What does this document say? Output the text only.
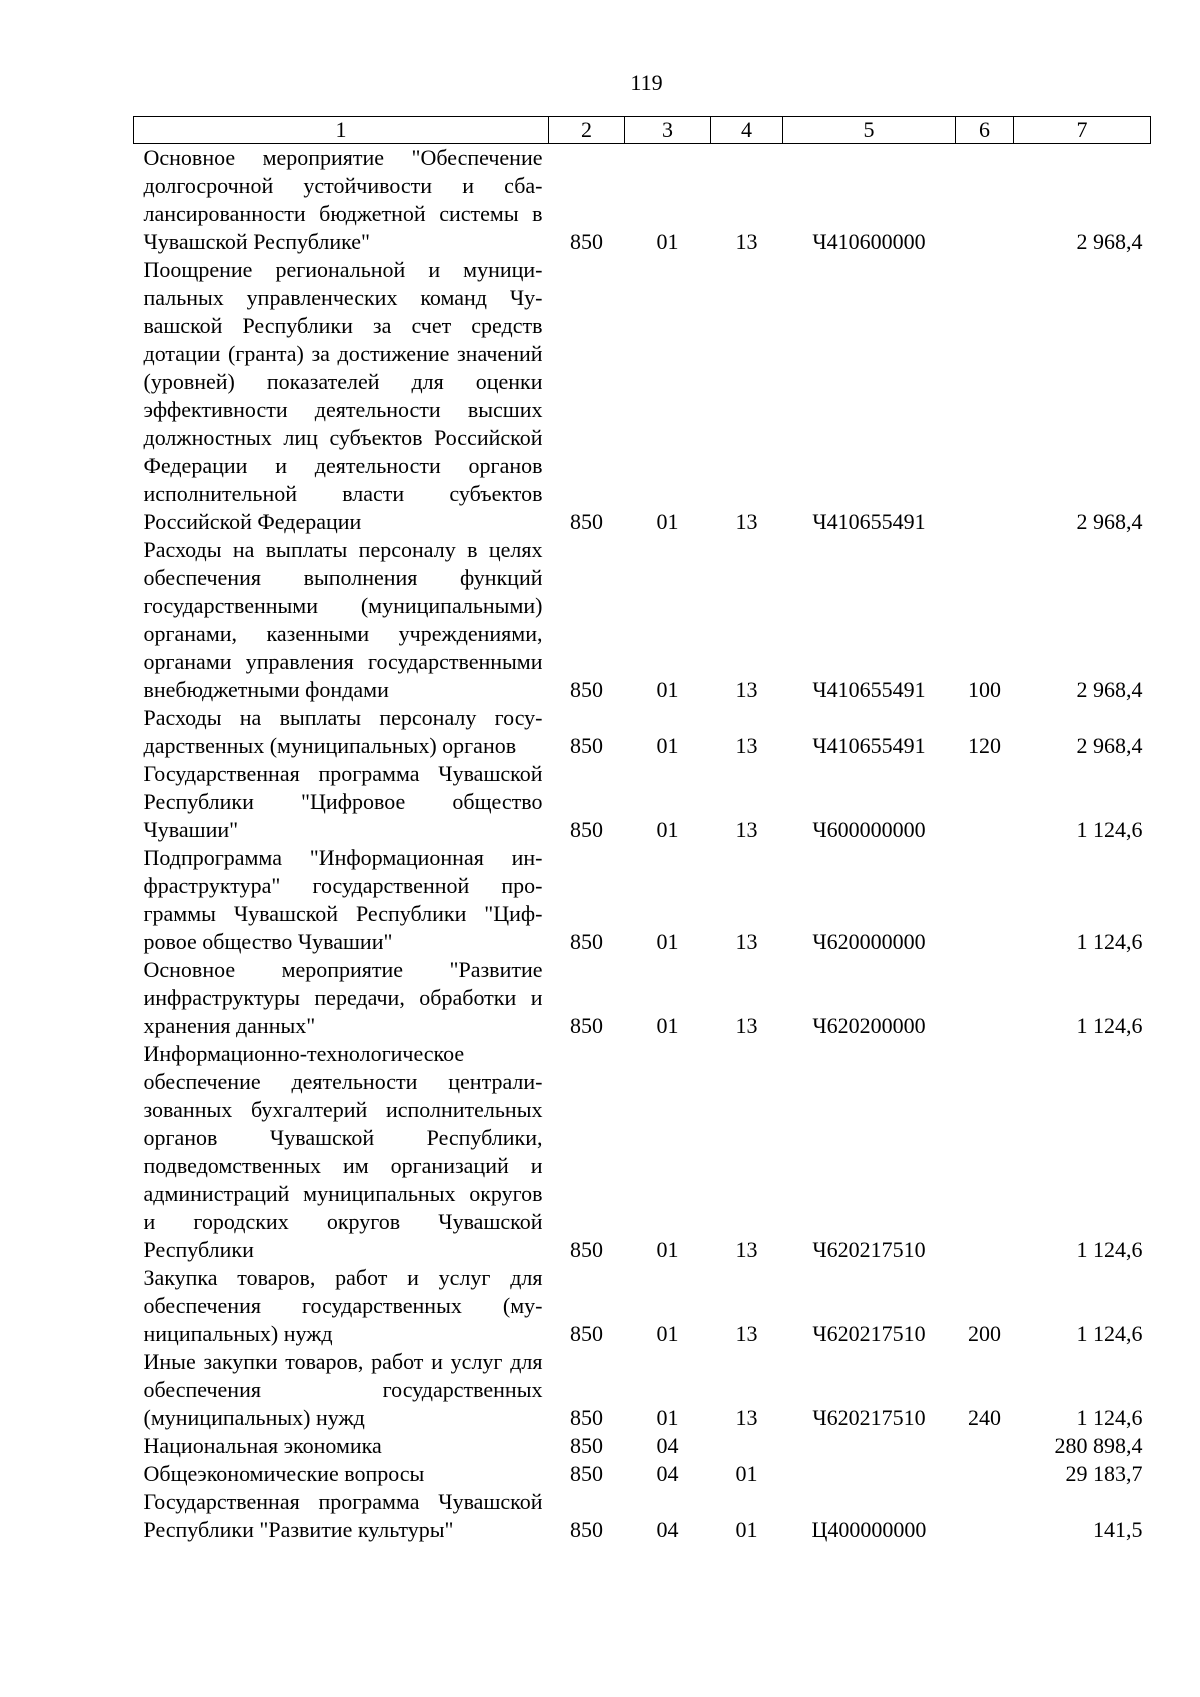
119
1	2	3	4	5	6	7
Основное мероприятие "Обеспечение долгосрочной устойчивости и сбалансированности бюджетной системы в Чувашской Республике"	850	01	13	Ч410600000		2 968,4
Поощрение региональной и муниципальных управленческих команд Чувашской Республики за счет средств дотации (гранта) за достижение значений (уровней) показателей для оценки эффективности деятельности высших должностных лиц субъектов Российской Федерации и деятельности органов исполнительной власти субъектов Российской Федерации	850	01	13	Ч410655491		2 968,4
Расходы на выплаты персоналу в целях обеспечения выполнения функций государственными (муниципальными) органами, казенными учреждениями, органами управления государственными внебюджетными фондами	850	01	13	Ч410655491	100	2 968,4
Расходы на выплаты персоналу государственных (муниципальных) органов	850	01	13	Ч410655491	120	2 968,4
Государственная программа Чувашской Республики "Цифровое общество Чувашии"	850	01	13	Ч600000000		1 124,6
Подпрограмма "Информационная инфраструктура" государственной программы Чувашской Республики "Цифровое общество Чувашии"	850	01	13	Ч620000000		1 124,6
Основное мероприятие "Развитие инфраструктуры передачи, обработки и хранения данных"	850	01	13	Ч620200000		1 124,6
Информационно-технологическое обеспечение деятельности централизованных бухгалтерий исполнительных органов Чувашской Республики, подведомственных им организаций и администраций муниципальных округов и городских округов Чувашской Республики	850	01	13	Ч620217510		1 124,6
Закупка товаров, работ и услуг для обеспечения государственных (муниципальных) нужд	850	01	13	Ч620217510	200	1 124,6
Иные закупки товаров, работ и услуг для обеспечения государственных (муниципальных) нужд	850	01	13	Ч620217510	240	1 124,6
Национальная экономика	850	04				280 898,4
Общеэкономические вопросы	850	04	01			29 183,7
Государственная программа Чувашской Республики "Развитие культуры"	850	04	01	Ц400000000		141,5
